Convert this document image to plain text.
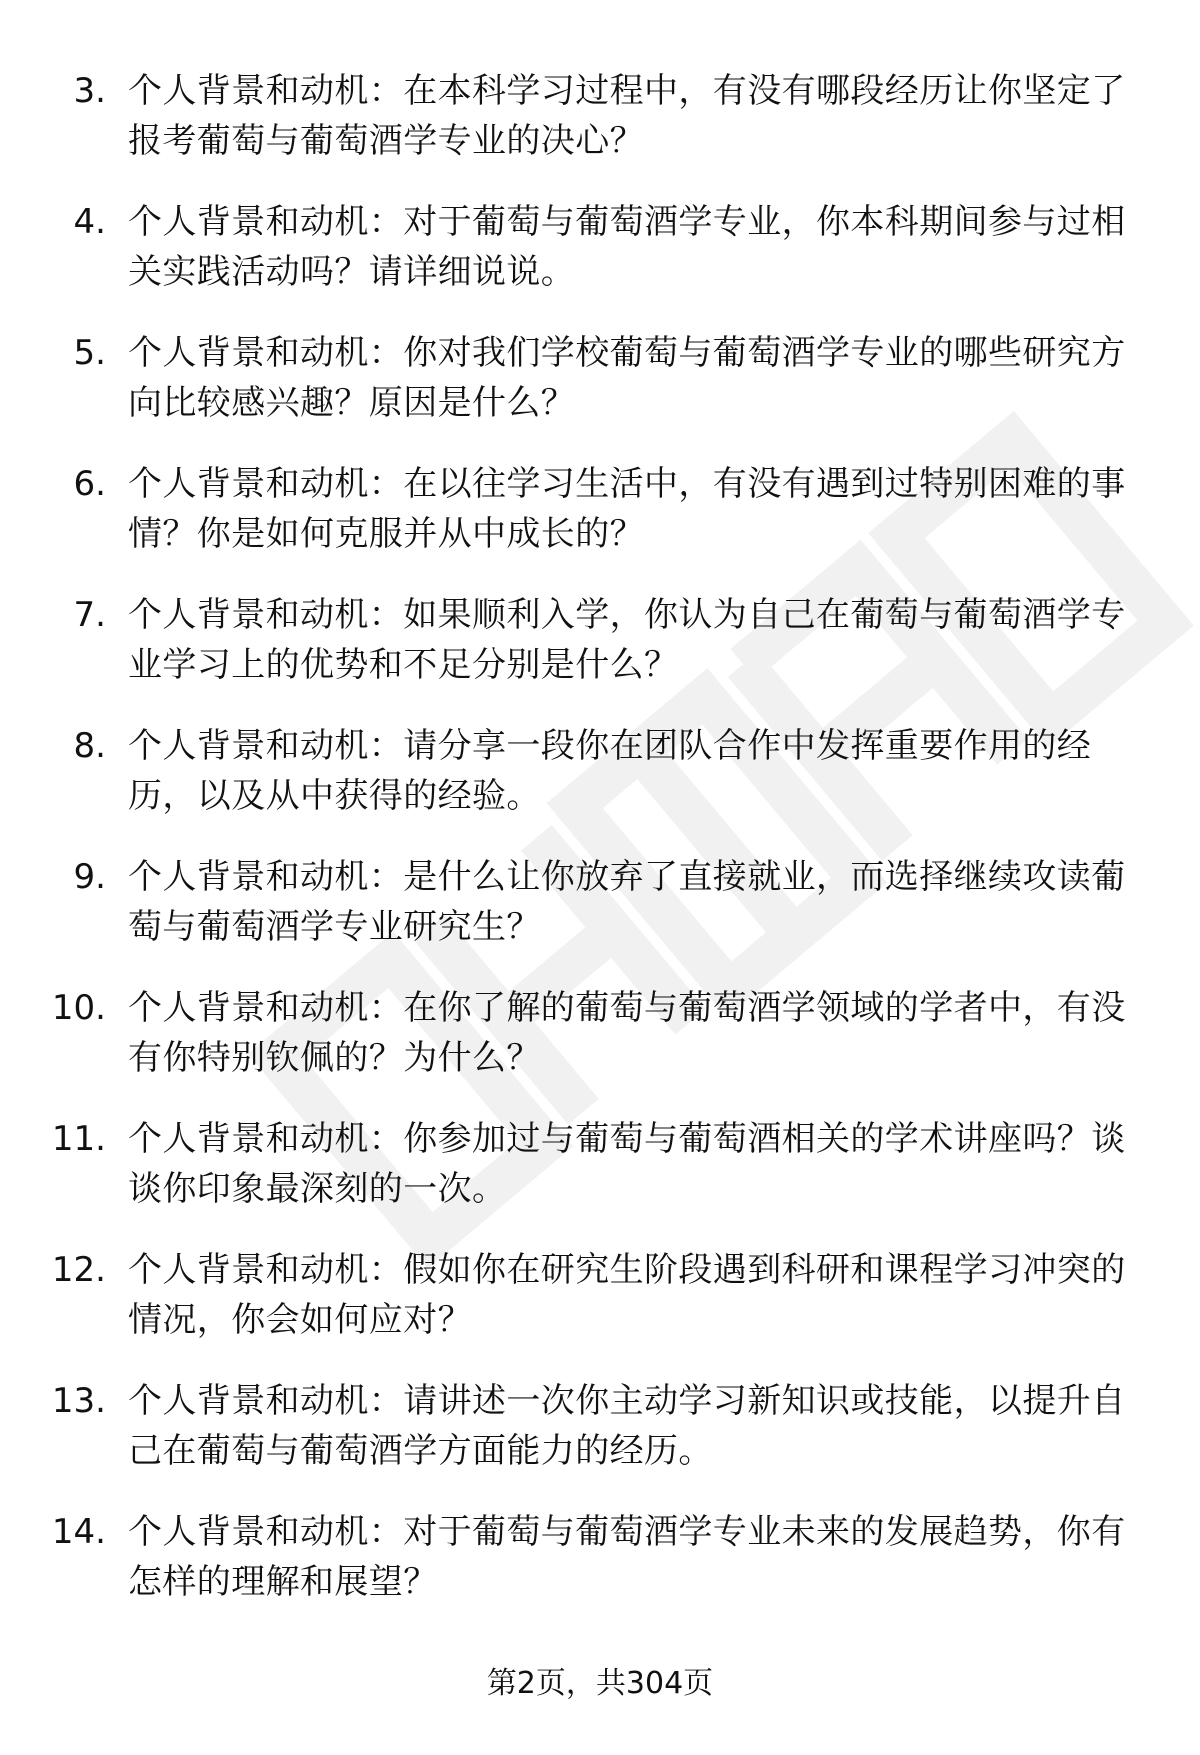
3. 个人背景和动机：在本科学习过程中，有没有哪段经历让你坚定了报考葡萄与葡萄酒学专业的决心？
4. 个人背景和动机：对于葡萄与葡萄酒学专业，你本科期间参与过相关实践活动吗？请详细说说。
5. 个人背景和动机：你对我们学校葡萄与葡萄酒学专业的哪些研究方向比较感兴趣？原因是什么？
6. 个人背景和动机：在以往学习生活中，有没有遇到过特别困难的事情？你是如何克服并从中成长的？
7. 个人背景和动机：如果顺利入学，你认为自己在葡萄与葡萄酒学专业学习上的优势和不足分别是什么？
8. 个人背景和动机：请分享一段你在团队合作中发挥重要作用的经历，以及从中获得的经验。
9. 个人背景和动机：是什么让你放弃了直接就业，而选择继续攻读葡萄与葡萄酒学专业研究生？
10. 个人背景和动机：在你了解的葡萄与葡萄酒学领域的学者中，有没有你特别钦佩的？为什么？
11. 个人背景和动机：你参加过与葡萄与葡萄酒相关的学术讲座吗？谈谈你印象最深刻的一次。
12. 个人背景和动机：假如你在研究生阶段遇到科研和课程学习冲突的情况，你会如何应对？
13. 个人背景和动机：请讲述一次你主动学习新知识或技能，以提升自己在葡萄与葡萄酒学方面能力的经历。
14. 个人背景和动机：对于葡萄与葡萄酒学专业未来的发展趋势，你有怎样的理解和展望？
第2页，共304页
